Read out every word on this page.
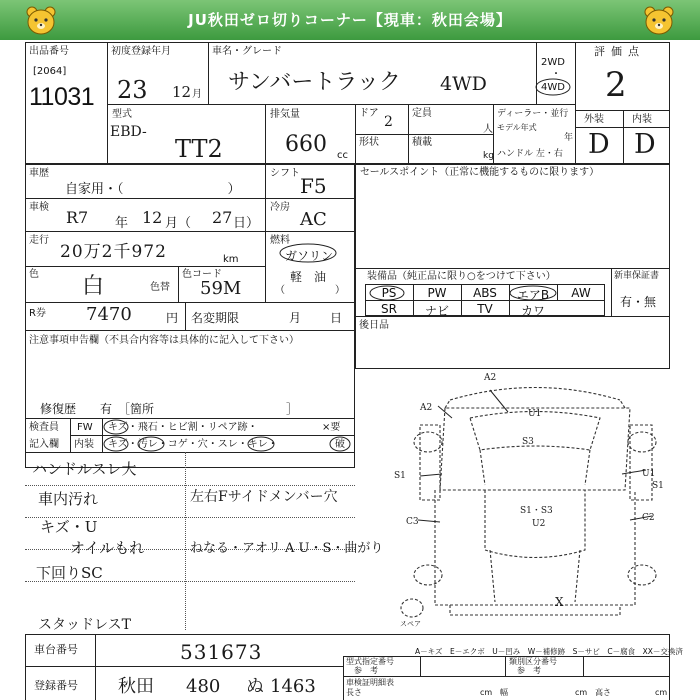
JU秋田ゼロ切りコーナー【現車：秋田会場】
出品番号
[2064]
11031
初度登録年月
23 12 月
車名・グレード
サンバートラック 4WD
2WD
・
4WD
評価点
2
外装	内装
D D
型式
EBD-
TT2
排気量
660 cc
ドア
2
形状
定員
人
積載
kg
ディーラー・並行
モデル年式
年
ハンドル 左・右
車歴
自家用・（　　　　　　　　）
シフト
F5
車検
R7 年 12 月（ 27 日）
冷房
AC
走行
20万2千972	km
燃料
ガソリン
軽　油
（　　　　　）
色 白	色替
色コード
59M
R券 7470	円 名変期限	月 日
注意事項申告欄（不具合内容等は具体的に記入して下さい）
修復歴　　有　［箇所　　　　　　　　　　　］
検査員
記入欄
FW キズ・飛石・ヒビ割・リペア跡・	×要
内装 キズ・汚レ・コゲ・穴・スレ・キレ・	破
セールスポイント（正常に機能するものに限ります）
装備品（純正品に限り○をつけて下さい）	新車保証書
有・無
PS	PW	ABS	エアB	AW
SR	ナビ	TV	カワ
後日品
A2
A2
U1
S3
S1	U1
S1
C3	C2
S1・S3
U2
X
スペア
ハンドルスレ大
車内汚れ
キズ・U
オイルもれ
下回りSC
左右Fサイドメンバー穴
ねなる・アオリ A U・S・曲がり
スタッドレスT
A－キズ　E－エクボ　U－凹み　W－補修跡　S－サビ　C－腐食　XX－交換済
車台番号	531673
登録番号 秋田 480 ぬ 1463
型式指定番号
参　考
類別区分番号
参　考
車検証明細表
長さ	cm 幅	cm 高さ	cm
